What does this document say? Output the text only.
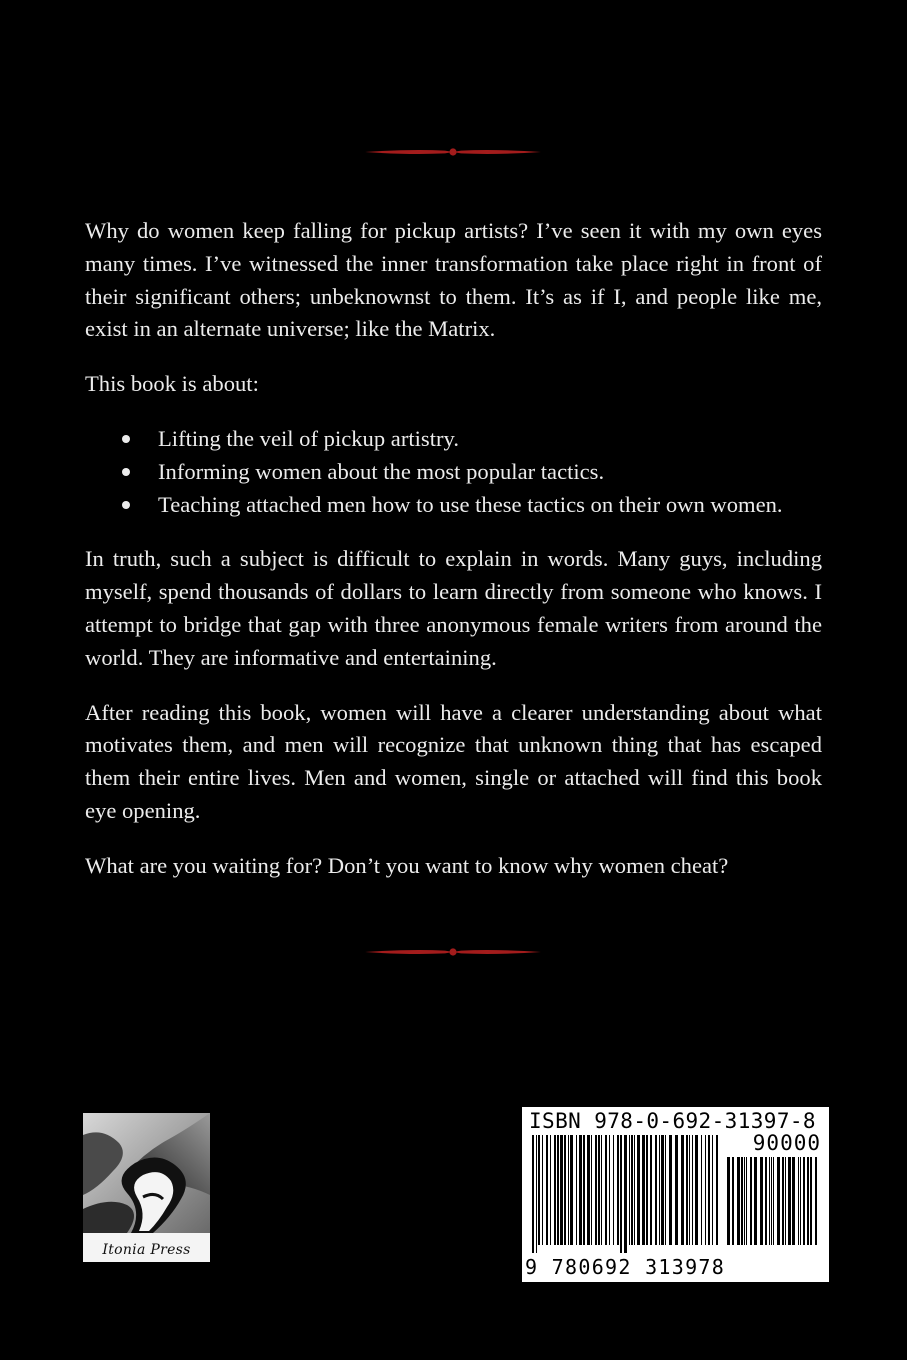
Why do women keep falling for pickup artists? I’ve seen it with my own eyes many times. I’ve witnessed the inner transformation take place right in front of their significant others; unbeknownst to them. It’s as if I, and people like me, exist in an alternate universe; like the Matrix.

This book is about:

Lifting the veil of pickup artistry.
Informing women about the most popular tactics.
Teaching attached men how to use these tactics on their own women.

In truth, such a subject is difficult to explain in words. Many guys, including myself, spend thousands of dollars to learn directly from someone who knows. I attempt to bridge that gap with three anonymous female writers from around the world. They are informative and entertaining.

After reading this book, women will have a clearer understanding about what motivates them, and men will recognize that unknown thing that has escaped them their entire lives. Men and women, single or attached will find this book eye opening.

What are you waiting for? Don’t you want to know why women cheat?

Itonia Press
ISBN 978-0-692-31397-8
90000
9 780692 313978
